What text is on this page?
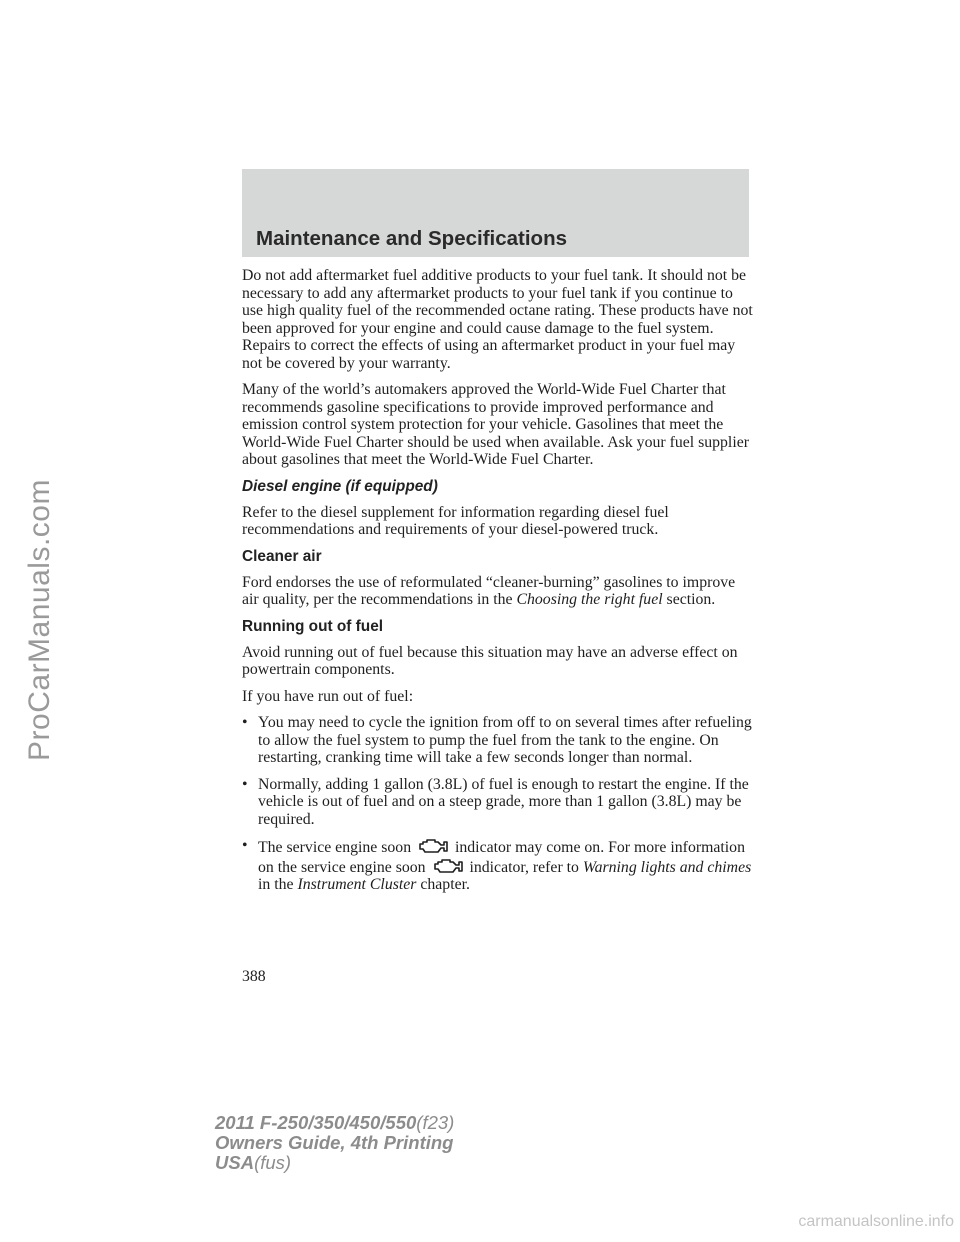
ProCarManuals.com
Maintenance and Specifications

Do not add aftermarket fuel additive products to your fuel tank. It should not be necessary to add any aftermarket products to your fuel tank if you continue to use high quality fuel of the recommended octane rating. These products have not been approved for your engine and could cause damage to the fuel system. Repairs to correct the effects of using an aftermarket product in your fuel may not be covered by your warranty.

Many of the world’s automakers approved the World-Wide Fuel Charter that recommends gasoline specifications to provide improved performance and emission control system protection for your vehicle. Gasolines that meet the World-Wide Fuel Charter should be used when available. Ask your fuel supplier about gasolines that meet the World-Wide Fuel Charter.

Diesel engine (if equipped)

Refer to the diesel supplement for information regarding diesel fuel recommendations and requirements of your diesel-powered truck.

Cleaner air

Ford endorses the use of reformulated “cleaner-burning” gasolines to improve air quality, per the recommendations in the Choosing the right fuel section.

Running out of fuel

Avoid running out of fuel because this situation may have an adverse effect on powertrain components.

If you have run out of fuel:

• You may need to cycle the ignition from off to on several times after refueling to allow the fuel system to pump the fuel from the tank to the engine. On restarting, cranking time will take a few seconds longer than normal.
• Normally, adding 1 gallon (3.8L) of fuel is enough to restart the engine. If the vehicle is out of fuel and on a steep grade, more than 1 gallon (3.8L) may be required.
• The service engine soon	indicator may come on. For more information on the service engine soon	indicator, refer to Warning lights and chimes in the Instrument Cluster chapter.
388
2011 F-250/350/450/550(f23)
Owners Guide, 4th Printing
USA(fus)
carmanualsonline.info
